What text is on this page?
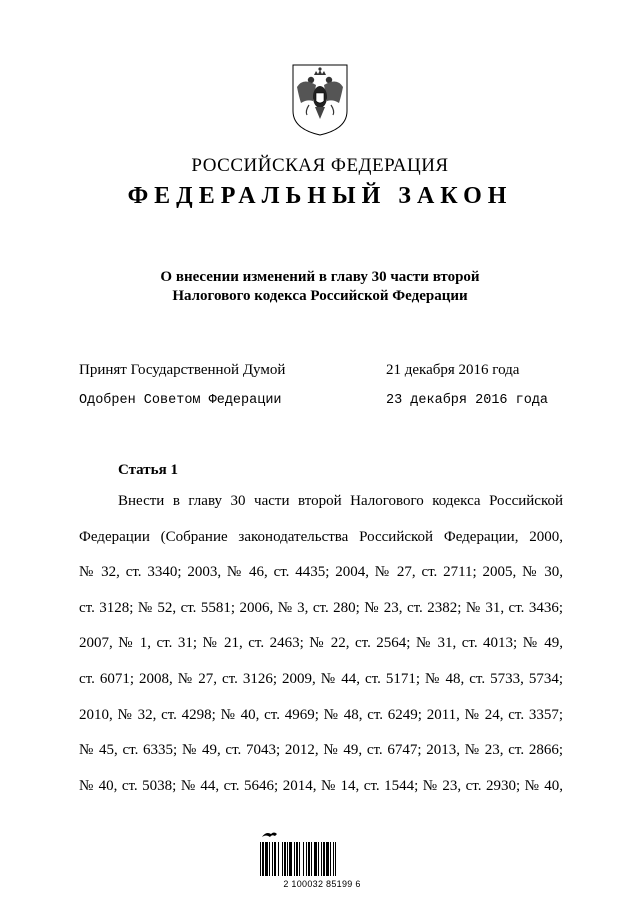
РОССИЙСКАЯ ФЕДЕРАЦИЯ
ФЕДЕРАЛЬНЫЙ ЗАКОН
О внесении изменений в главу 30 части второй
Налогового кодекса Российской Федерации
Принят Государственной Думой	21 декабря 2016 года
Одобрен Советом Федерации	23 декабря 2016 года
Статья 1
Внести в главу 30 части второй Налогового кодекса Российской
Федерации (Собрание законодательства Российской Федерации, 2000,
№ 32, ст. 3340; 2003, № 46, ст. 4435; 2004, № 27, ст. 2711; 2005, № 30,
ст. 3128; № 52, ст. 5581; 2006, № 3, ст. 280; № 23, ст. 2382; № 31, ст. 3436;
2007, № 1, ст. 31; № 21, ст. 2463; № 22, ст. 2564; № 31, ст. 4013; № 49,
ст. 6071; 2008, № 27, ст. 3126; 2009, № 44, ст. 5171; № 48, ст. 5733, 5734;
2010, № 32, ст. 4298; № 40, ст. 4969; № 48, ст. 6249; 2011, № 24, ст. 3357;
№ 45, ст. 6335; № 49, ст. 7043; 2012, № 49, ст. 6747; 2013, № 23, ст. 2866;
№ 40, ст. 5038; № 44, ст. 5646; 2014, № 14, ст. 1544; № 23, ст. 2930; № 40,
2 100032 85199 6
